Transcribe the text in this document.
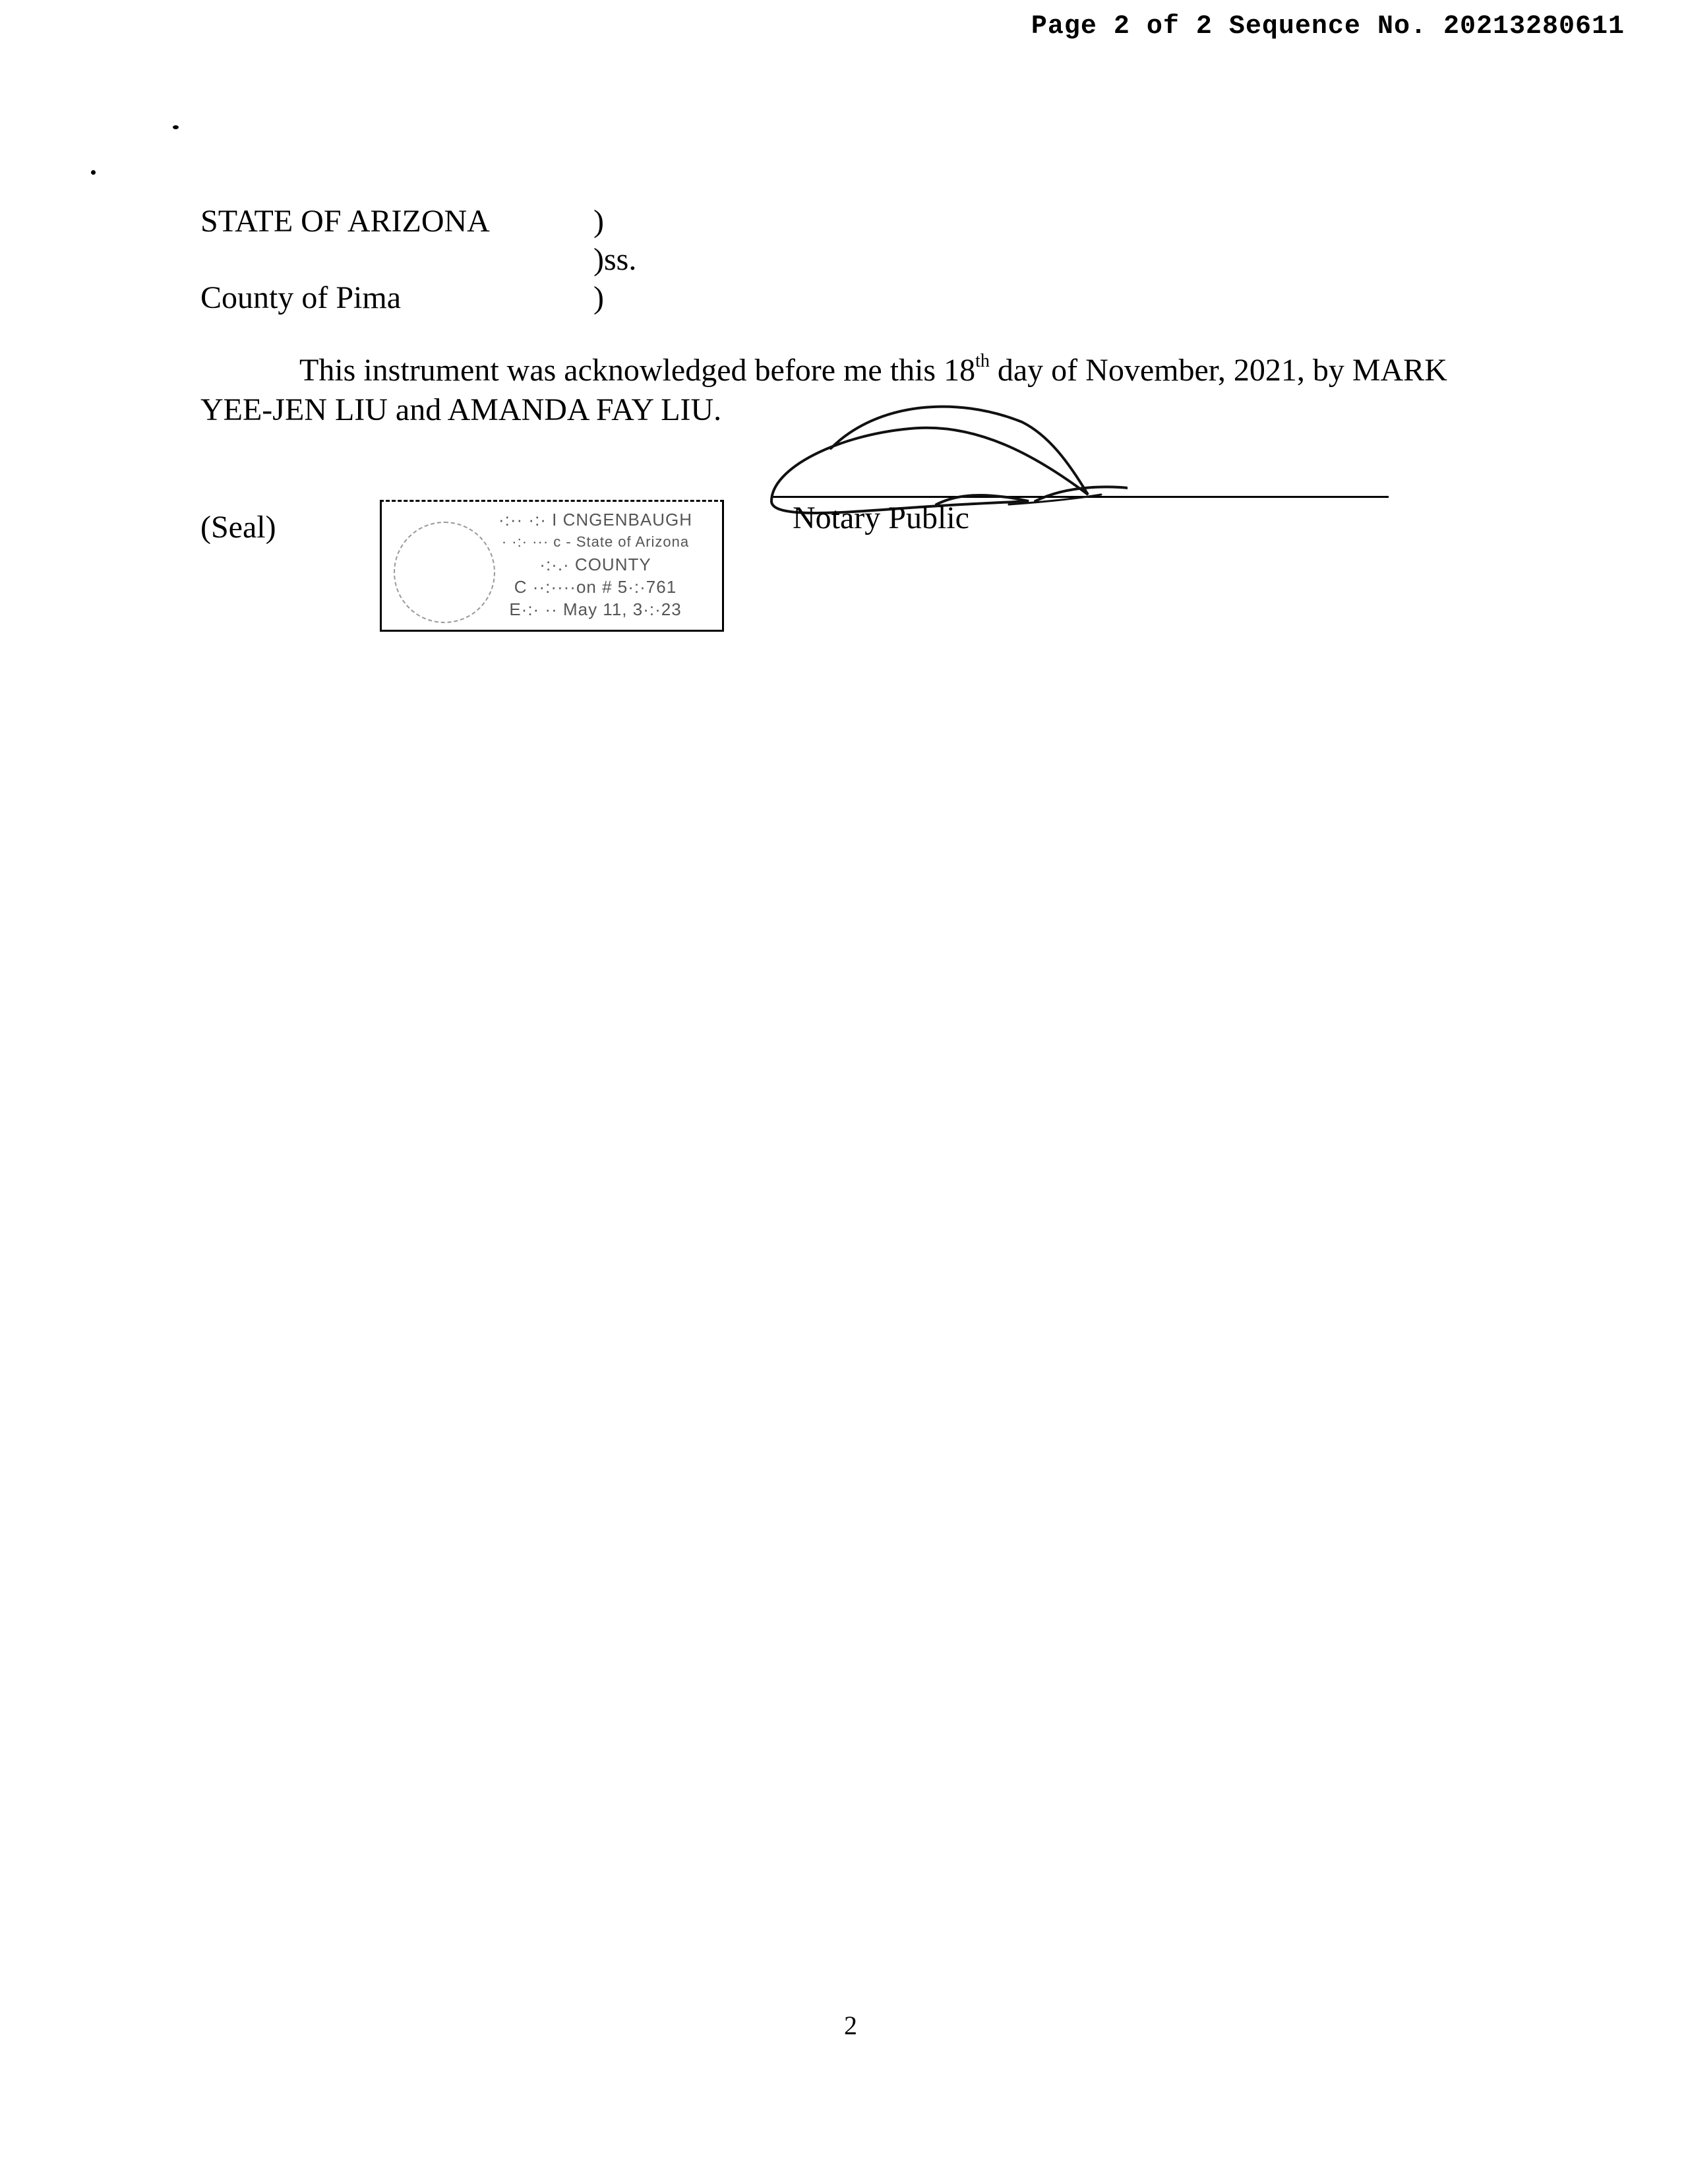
Page 2 of 2 Sequence No. 20213280611
STATE OF ARIZONA	)
)ss.
County of Pima	)

This instrument was acknowledged before me this 18th day of November, 2021, by MARK

YEE-JEN LIU and AMANDA FAY LIU.

(Seal)	·:·· ·:· I CNGENBAUGH
· ·:· ··· c - State of Arizona
·:·.· COUNTY
C ··:····on # 5·:·761
E·:· ·· May 11, 3·:·23
Notary Public
2
